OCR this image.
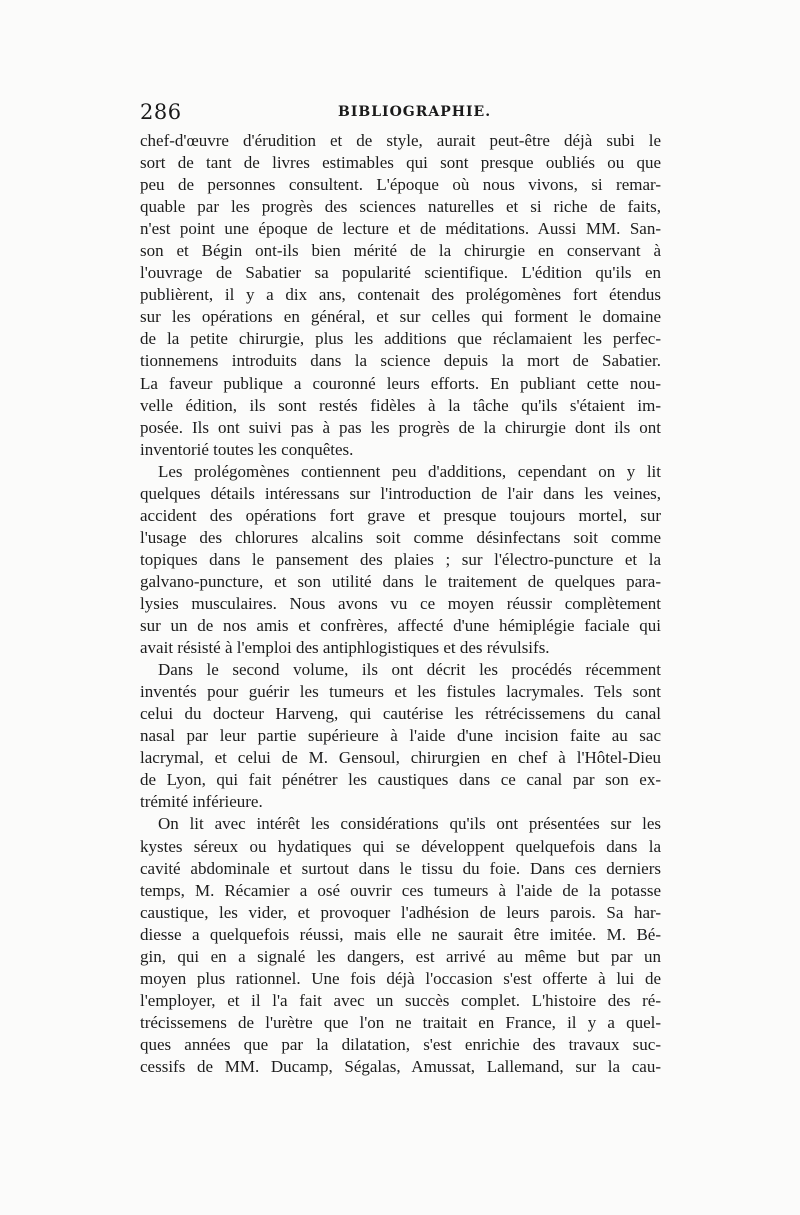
286	BIBLIOGRAPHIE.
chef-d'œuvre d'érudition et de style, aurait peut-être déjà subi le
sort de tant de livres estimables qui sont presque oubliés ou que
peu de personnes consultent. L'époque où nous vivons, si remar-
quable par les progrès des sciences naturelles et si riche de faits,
n'est point une époque de lecture et de méditations. Aussi MM. San-
son et Bégin ont-ils bien mérité de la chirurgie en conservant à
l'ouvrage de Sabatier sa popularité scientifique. L'édition qu'ils en
publièrent, il y a dix ans, contenait des prolégomènes fort étendus
sur les opérations en général, et sur celles qui forment le domaine
de la petite chirurgie, plus les additions que réclamaient les perfec-
tionnemens introduits dans la science depuis la mort de Sabatier.
La faveur publique a couronné leurs efforts. En publiant cette nou-
velle édition, ils sont restés fidèles à la tâche qu'ils s'étaient im-
posée. Ils ont suivi pas à pas les progrès de la chirurgie dont ils ont
inventorié toutes les conquêtes.
Les prolégomènes contiennent peu d'additions, cependant on y lit
quelques détails intéressans sur l'introduction de l'air dans les veines,
accident des opérations fort grave et presque toujours mortel, sur
l'usage des chlorures alcalins soit comme désinfectans soit comme
topiques dans le pansement des plaies ; sur l'électro-puncture et la
galvano-puncture, et son utilité dans le traitement de quelques para-
lysies musculaires. Nous avons vu ce moyen réussir complètement
sur un de nos amis et confrères, affecté d'une hémiplégie faciale qui
avait résisté à l'emploi des antiphlogistiques et des révulsifs.
Dans le second volume, ils ont décrit les procédés récemment
inventés pour guérir les tumeurs et les fistules lacrymales. Tels sont
celui du docteur Harveng, qui cautérise les rétrécissemens du canal
nasal par leur partie supérieure à l'aide d'une incision faite au sac
lacrymal, et celui de M. Gensoul, chirurgien en chef à l'Hôtel-Dieu
de Lyon, qui fait pénétrer les caustiques dans ce canal par son ex-
trémité inférieure.
On lit avec intérêt les considérations qu'ils ont présentées sur les
kystes séreux ou hydatiques qui se développent quelquefois dans la
cavité abdominale et surtout dans le tissu du foie. Dans ces derniers
temps, M. Récamier a osé ouvrir ces tumeurs à l'aide de la potasse
caustique, les vider, et provoquer l'adhésion de leurs parois. Sa har-
diesse a quelquefois réussi, mais elle ne saurait être imitée. M. Bé-
gin, qui en a signalé les dangers, est arrivé au même but par un
moyen plus rationnel. Une fois déjà l'occasion s'est offerte à lui de
l'employer, et il l'a fait avec un succès complet. L'histoire des ré-
trécissemens de l'urètre que l'on ne traitait en France, il y a quel-
ques années que par la dilatation, s'est enrichie des travaux suc-
cessifs de MM. Ducamp, Ségalas, Amussat, Lallemand, sur la cau-
